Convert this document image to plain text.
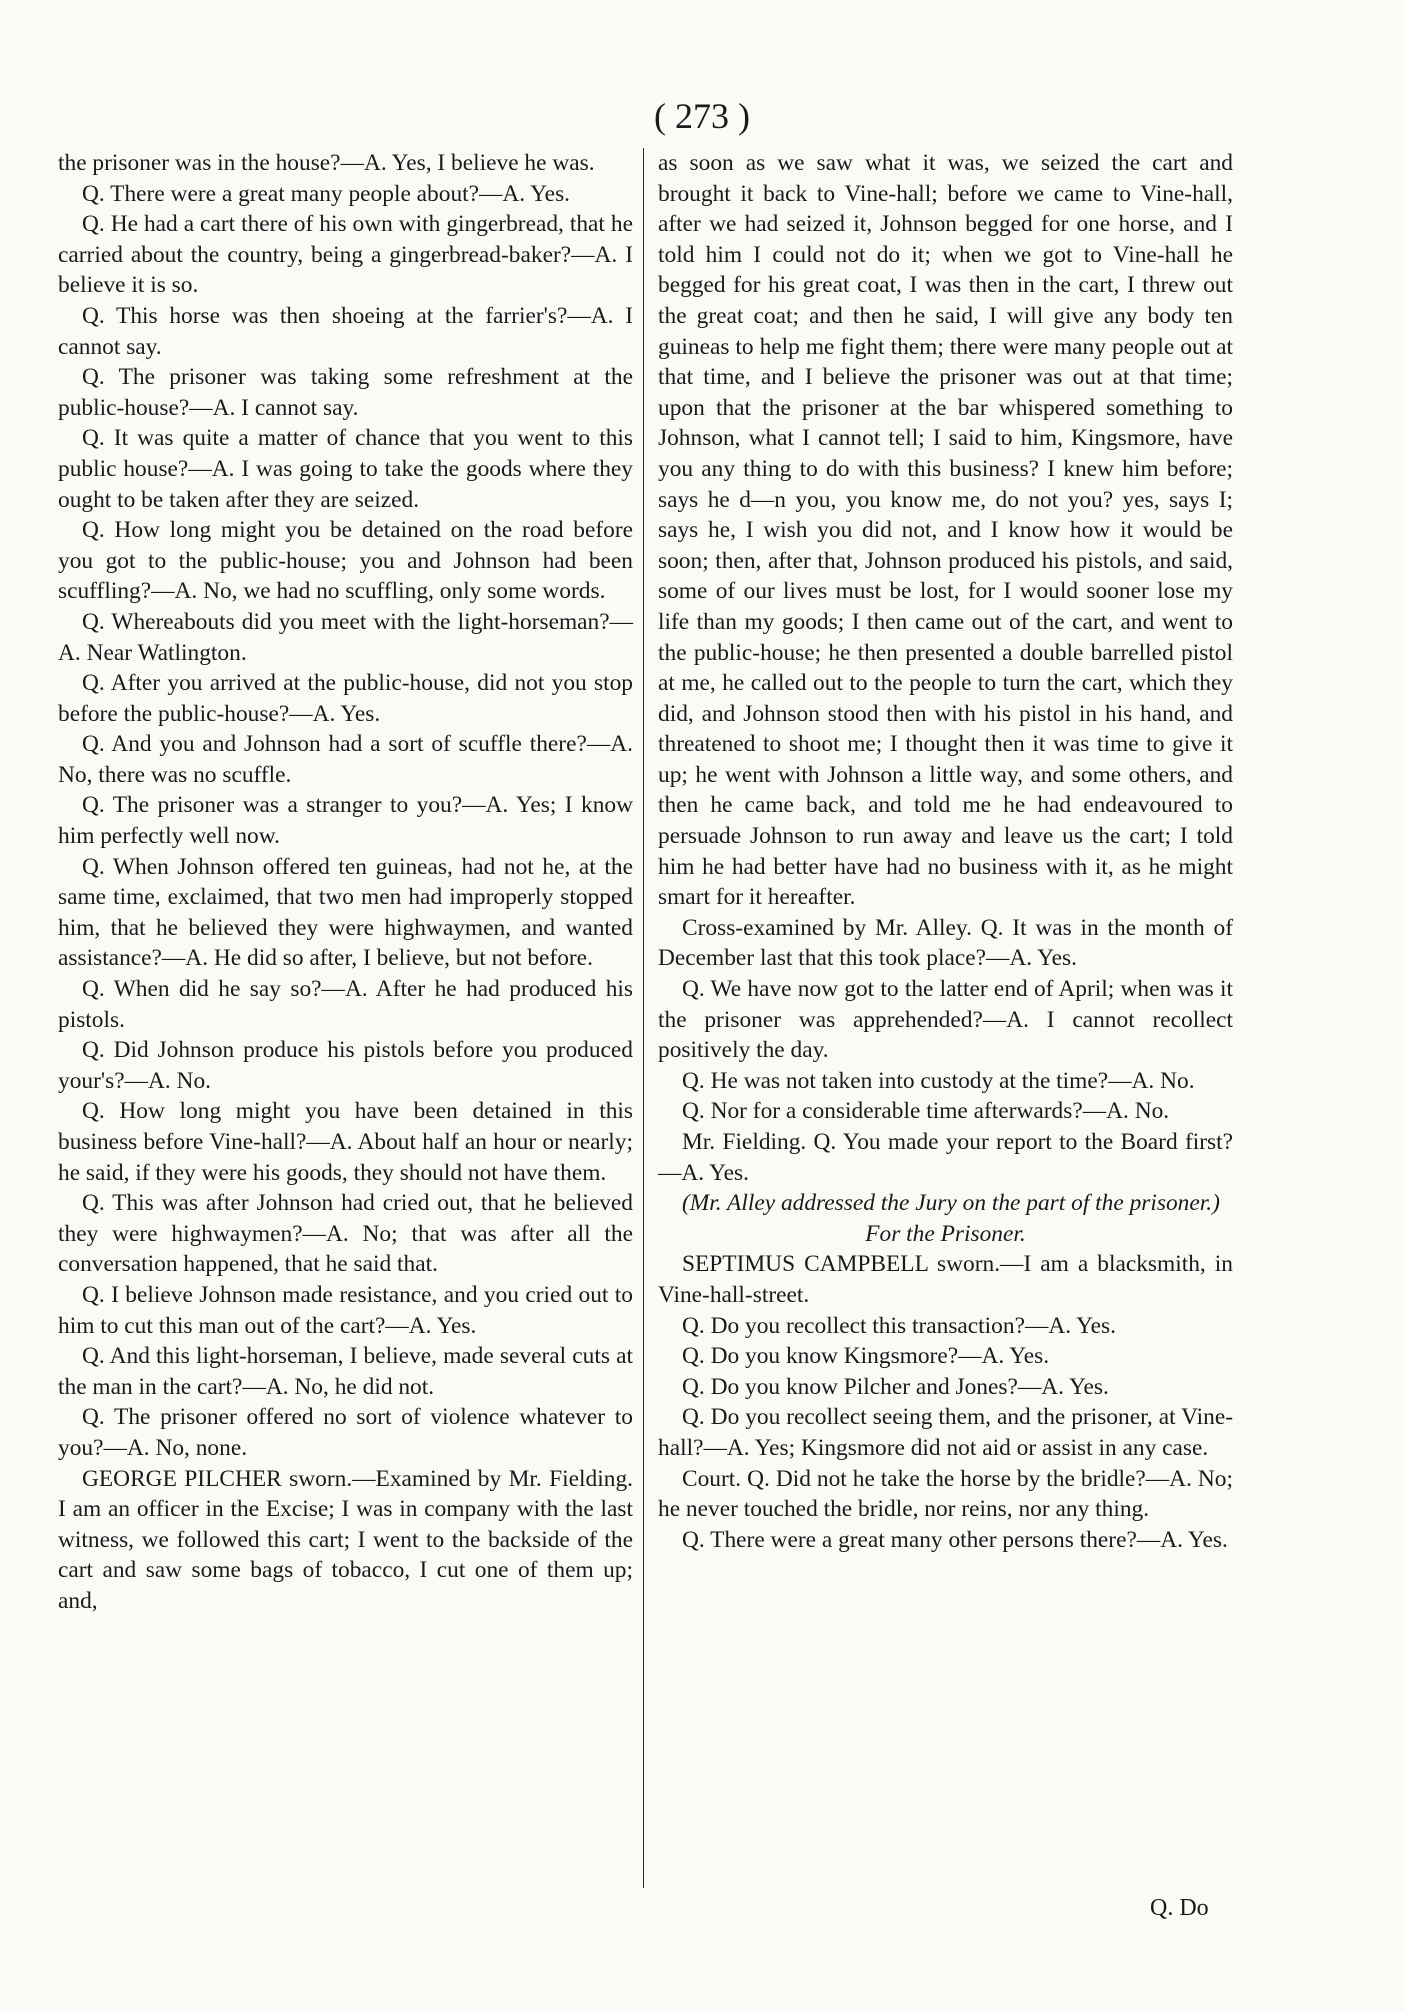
( 273 )

the prisoner was in the house?—A. Yes, I believe he was.

Q. There were a great many people about?—A. Yes.

Q. He had a cart there of his own with gingerbread, that he carried about the country, being a gingerbread-baker?—A. I believe it is so.

Q. This horse was then shoeing at the farrier's?—A. I cannot say.

Q. The prisoner was taking some refreshment at the public-house?—A. I cannot say.

Q. It was quite a matter of chance that you went to this public house?—A. I was going to take the goods where they ought to be taken after they are seized.

Q. How long might you be detained on the road before you got to the public-house; you and Johnson had been scuffling?—A. No, we had no scuffling, only some words.

Q. Whereabouts did you meet with the light-horseman?—A. Near Watlington.

Q. After you arrived at the public-house, did not you stop before the public-house?—A. Yes.

Q. And you and Johnson had a sort of scuffle there?—A. No, there was no scuffle.

Q. The prisoner was a stranger to you?—A. Yes; I know him perfectly well now.

Q. When Johnson offered ten guineas, had not he, at the same time, exclaimed, that two men had improperly stopped him, that he believed they were highwaymen, and wanted assistance?—A. He did so after, I believe, but not before.

Q. When did he say so?—A. After he had produced his pistols.

Q. Did Johnson produce his pistols before you produced your's?—A. No.

Q. How long might you have been detained in this business before Vine-hall?—A. About half an hour or nearly; he said, if they were his goods, they should not have them.

Q. This was after Johnson had cried out, that he believed they were highwaymen?—A. No; that was after all the conversation happened, that he said that.

Q. I believe Johnson made resistance, and you cried out to him to cut this man out of the cart?—A. Yes.

Q. And this light-horseman, I believe, made several cuts at the man in the cart?—A. No, he did not.

Q. The prisoner offered no sort of violence whatever to you?—A. No, none.

GEORGE PILCHER sworn.—Examined by Mr. Fielding. I am an officer in the Excise; I was in company with the last witness, we followed this cart; I went to the backside of the cart and saw some bags of tobacco, I cut one of them up; and,

as soon as we saw what it was, we seized the cart and brought it back to Vine-hall; before we came to Vine-hall, after we had seized it, Johnson begged for one horse, and I told him I could not do it; when we got to Vine-hall he begged for his great coat, I was then in the cart, I threw out the great coat; and then he said, I will give any body ten guineas to help me fight them; there were many people out at that time, and I believe the prisoner was out at that time; upon that the prisoner at the bar whispered something to Johnson, what I cannot tell; I said to him, Kingsmore, have you any thing to do with this business? I knew him before; says he d—n you, you know me, do not you? yes, says I; says he, I wish you did not, and I know how it would be soon; then, after that, Johnson produced his pistols, and said, some of our lives must be lost, for I would sooner lose my life than my goods; I then came out of the cart, and went to the public-house; he then presented a double barrelled pistol at me, he called out to the people to turn the cart, which they did, and Johnson stood then with his pistol in his hand, and threatened to shoot me; I thought then it was time to give it up; he went with Johnson a little way, and some others, and then he came back, and told me he had endeavoured to persuade Johnson to run away and leave us the cart; I told him he had better have had no business with it, as he might smart for it hereafter.

Cross-examined by Mr. Alley. Q. It was in the month of December last that this took place?—A. Yes.

Q. We have now got to the latter end of April; when was it the prisoner was apprehended?—A. I cannot recollect positively the day.

Q. He was not taken into custody at the time?—A. No.

Q. Nor for a considerable time afterwards?—A. No.

Mr. Fielding. Q. You made your report to the Board first?—A. Yes.

(Mr. Alley addressed the Jury on the part of the prisoner.)

For the Prisoner.

SEPTIMUS CAMPBELL sworn.—I am a blacksmith, in Vine-hall-street.

Q. Do you recollect this transaction?—A. Yes.

Q. Do you know Kingsmore?—A. Yes.

Q. Do you know Pilcher and Jones?—A. Yes.

Q. Do you recollect seeing them, and the prisoner, at Vine-hall?—A. Yes; Kingsmore did not aid or assist in any case.

Court. Q. Did not he take the horse by the bridle?—A. No; he never touched the bridle, nor reins, nor any thing.

Q. There were a great many other persons there?—A. Yes.

Q. Do
